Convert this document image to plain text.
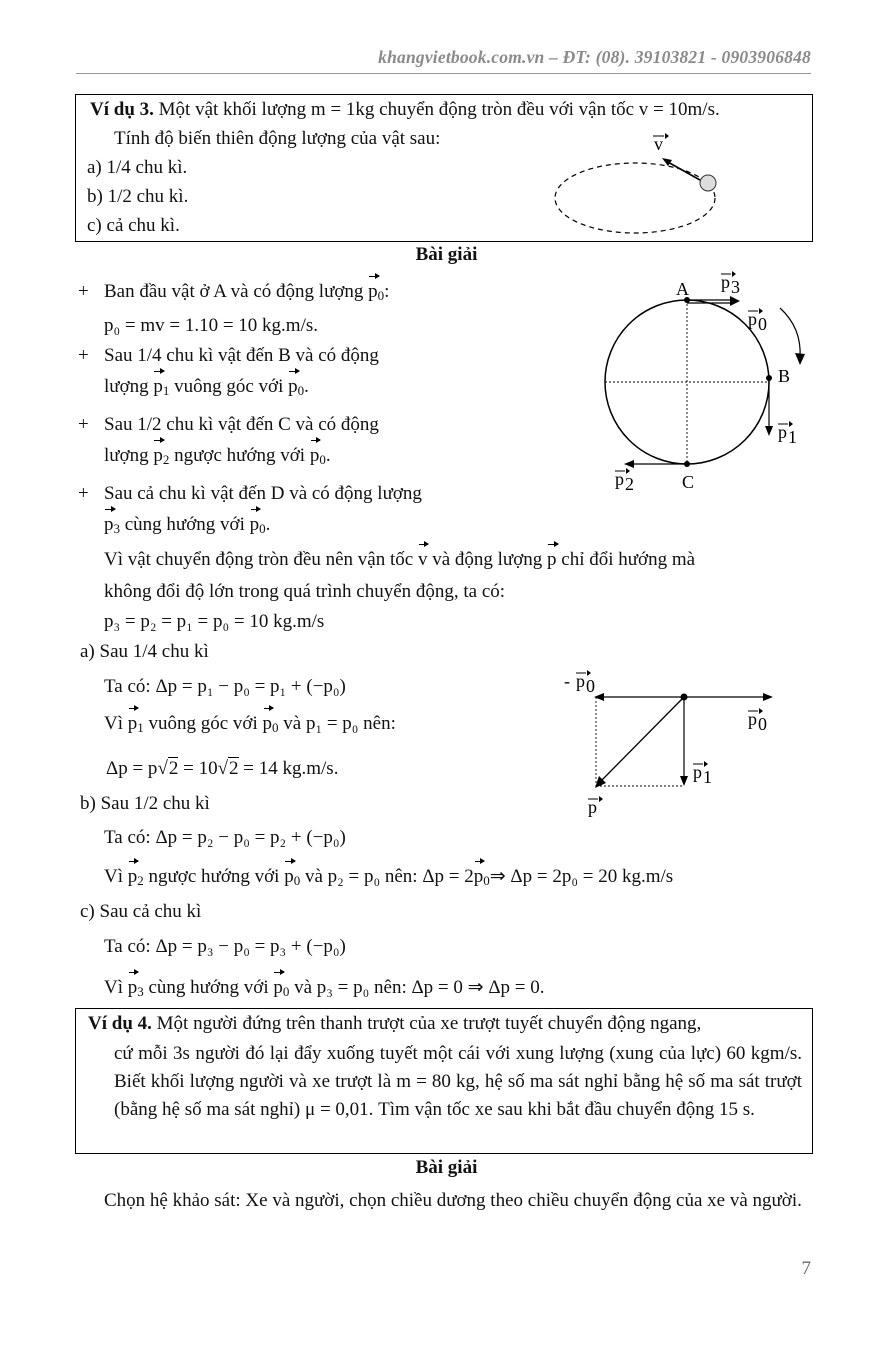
khangvietbook.com.vn – ĐT: (08). 39103821 - 0903906848
Ví dụ 3. Một vật khối lượng m = 1kg chuyển động tròn đều với vận tốc v = 10m/s.
Tính độ biến thiên động lượng của vật sau:
a) 1/4 chu kì.
b) 1/2 chu kì.
c) cả chu kì.
v
Bài giải
+ Ban đầu vật ở A và có động lượng $p_0$:
p₀ = mv = 1.10 = 10 kg.m/s.
+ Sau 1/4 chu kì vật đến B và có động
lượng $p_1$ vuông góc với $p_0$.
+ Sau 1/2 chu kì vật đến C và có động
lượng $p_2$ ngược hướng với $p_0$.
+ Sau cả chu kì vật đến D và có động lượng
$p_3$ cùng hướng với $p_0$.
A
B
C
p 3
p 0
p 1
p 2
Vì vật chuyển động tròn đều nên vận tốc v và động lượng p chỉ đổi hướng mà
không đổi độ lớn trong quá trình chuyển động, ta có:
p₃ = p₂ = p₁ = p₀ = 10 kg.m/s
a) Sau 1/4 chu kì
Ta có: Δp = p₁ − p₀ = p₁ + (−p₀)
Vì $p_1$ vuông góc với $p_0$ và p₁ = p₀ nên:
Δp = p√2 = 10√2 = 14 kg.m/s.
- p 0
p 0
p 1
p
b) Sau 1/2 chu kì
Ta có: Δp = p₂ − p₀ = p₂ + (−p₀)
Vì $p_2$ ngược hướng với $p_0$ và p₂ = p₀ nên: $\Delta p = 2p_0\Rightarrow$ Δp = 2p₀ = 20 kg.m/s
c) Sau cả chu kì
Ta có: Δp = p₃ − p₀ = p₃ + (−p₀)
Vì $p_3$ cùng hướng với $p_0$ và p₃ = p₀ nên: Δp = 0 ⇒ Δp = 0.
Ví dụ 4. Một người đứng trên thanh trượt của xe trượt tuyết chuyển động ngang,
cứ mỗi 3s người đó lại đẩy xuống tuyết một cái với xung lượng (xung của lực) 60 kgm/s. Biết khối lượng người và xe trượt là m = 80 kg, hệ số ma sát nghỉ bằng hệ số ma sát trượt (bằng hệ số ma sát nghỉ) μ = 0,01. Tìm vận tốc xe sau khi bắt đầu chuyển động 15 s.
Bài giải
Chọn hệ khảo sát: Xe và người, chọn chiều dương theo chiều chuyển động của xe và người.
7
